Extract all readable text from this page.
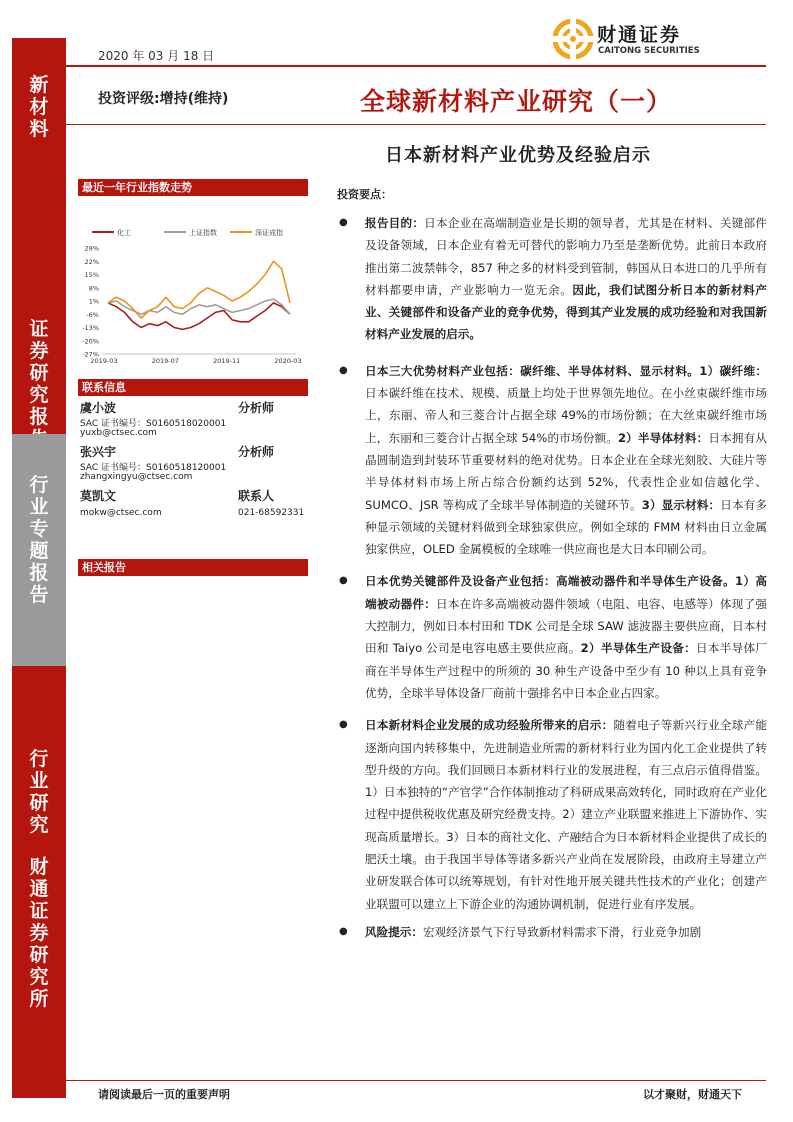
新
材
料
证
券
研
究
报
行
业
专
题
报
告
行
业
研
究
财
通
证
券
研
究
所
2020 年 03 月 18 日
财通证券
CAITONG SECURITIES
投资评级:增持(维持)	全球新材料产业研究（一）
日本新材料产业优势及经验启示
最近一年行业指数走势
化工	上证指数	深证成指
29%
22%
15%
8%
1%
-6%
-13%
-20%
-27%
2019-03	2019-07	2019-11	2020-03
联系信息
虞小波	分析师
SAC 证书编号：S0160518020001
yuxb@ctsec.com
张兴宇	分析师
SAC 证书编号：S0160518120001
zhangxingyu@ctsec.com
莫凯文	联系人
mokw@ctsec.com	021-68592331
相关报告
投资要点：
● 报告目的：日本企业在高端制造业是长期的领导者，尤其是在材料、关键部件及设备领域，日本企业有着无可替代的影响力乃至是垄断优势。此前日本政府推出第二波禁韩令，857 种之多的材料受到管制，韩国从日本进口的几乎所有材料都要申请，产业影响力一览无余。因此，我们试图分析日本的新材料产业、关键部件和设备产业的竞争优势，得到其产业发展的成功经验和对我国新材料产业发展的启示。
● 日本三大优势材料产业包括：碳纤维、半导体材料、显示材料。1）碳纤维：日本碳纤维在技术、规模、质量上均处于世界领先地位。在小丝束碳纤维市场上，东丽、帝人和三菱合计占据全球 49%的市场份额；在大丝束碳纤维市场上，东丽和三菱合计占据全球 54%的市场份额。2）半导体材料：日本拥有从晶圆制造到封装环节重要材料的绝对优势。日本企业在全球光刻胶、大硅片等半导体材料市场上所占综合份额约达到 52%，代表性企业如信越化学、SUMCO、JSR 等构成了全球半导体制造的关键环节。3）显示材料：日本有多种显示领域的关键材料做到全球独家供应。例如全球的 FMM 材料由日立金属独家供应，OLED 金属模板的全球唯一供应商也是大日本印刷公司。
● 日本优势关键部件及设备产业包括：高端被动器件和半导体生产设备。1）高端被动器件：日本在许多高端被动器件领域（电阻、电容、电感等）体现了强大控制力，例如日本村田和 TDK 公司是全球 SAW 滤波器主要供应商，日本村田和 Taiyo 公司是电容电感主要供应商。2）半导体生产设备：日本半导体厂商在半导体生产过程中的所须的 30 种生产设备中至少有 10 种以上具有竞争优势，全球半导体设备厂商前十强排名中日本企业占四家。
● 日本新材料企业发展的成功经验所带来的启示：随着电子等新兴行业全球产能逐渐向国内转移集中，先进制造业所需的新材料行业为国内化工企业提供了转型升级的方向。我们回顾日本新材料行业的发展进程，有三点启示值得借鉴。1）日本独特的“产官学”合作体制推动了科研成果高效转化，同时政府在产业化过程中提供税收优惠及研究经费支持。2）建立产业联盟来推进上下游协作、实现高质量增长。3）日本的商社文化、产融结合为日本新材料企业提供了成长的肥沃土壤。由于我国半导体等诸多新兴产业尚在发展阶段，由政府主导建立产业研发联合体可以统筹规划，有针对性地开展关键共性技术的产业化；创建产业联盟可以建立上下游企业的沟通协调机制，促进行业有序发展。
● 风险提示：宏观经济景气下行导致新材料需求下滑，行业竞争加剧
请阅读最后一页的重要声明	以才聚财，财通天下
